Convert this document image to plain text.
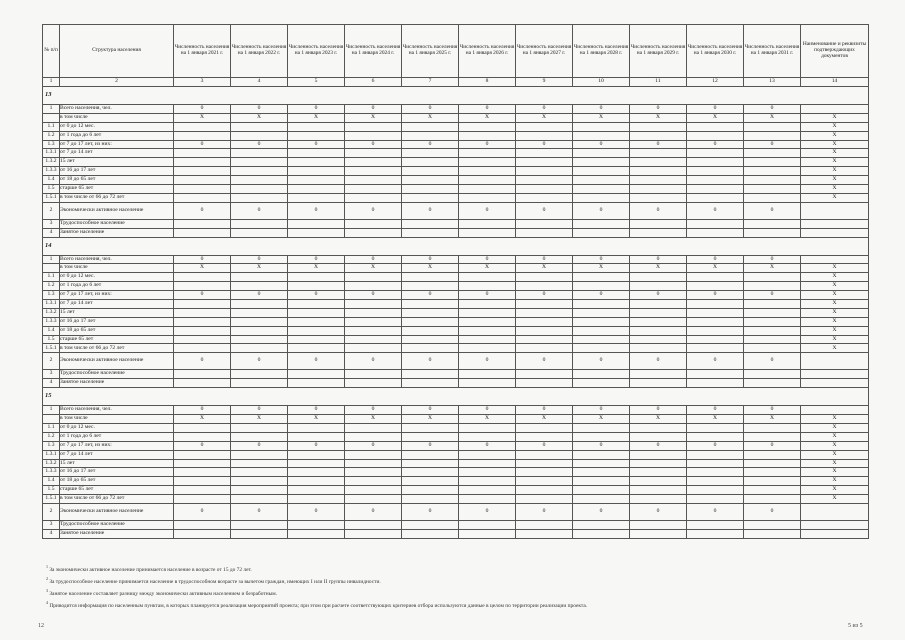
№ п/п	Структура населения	Численность населения на 1 января 2021 г.	Численность населения на 1 января 2022 г.	Численность населения на 1 января 2023 г.	Численность населения на 1 января 2024 г.	Численность населения на 1 января 2025 г.	Численность населения на 1 января 2026 г.	Численность населения на 1 января 2027 г.	Численность населения на 1 января 2028 г.	Численность населения на 1 января 2029 г.	Численность населения на 1 января 2030 г.	Численность населения на 1 января 2031 г.	Наименование и реквизиты подтверждающих документов
1	2	3	4	5	6	7	8	9	10	11	12	13	14
13													
1	Всего населения, чел.	0	0	0	0	0	0	0	0	0	0	0	
	в том числе	X	X	X	X	X	X	X	X	X	X	X	X
1.1	от 0 до 12 мес.												X
1.2	от 1 года до 6 лет												X
1.3	от 7 до 17 лет, из них:	0	0	0	0	0	0	0	0	0	0	0	X
1.3.1	от 7 до 14 лет												X
1.3.2	15 лет												X
1.3.3	от 16 до 17 лет												X
1.4	от 18 до 65 лет												X
1.5	старше 65 лет												X
1.5.1	в том числе от 66 до 72 лет												X
2	Экономически активное население	0	0	0	0	0	0	0	0	0	0	0	
3	Трудоспособное население												
4	Занятое население												
14													
1	Всего населения, чел.	0	0	0	0	0	0	0	0	0	0	0	
	в том числе	X	X	X	X	X	X	X	X	X	X	X	X
1.1	от 0 до 12 мес.												X
1.2	от 1 года до 6 лет												X
1.3	от 7 до 17 лет, из них:	0	0	0	0	0	0	0	0	0	0	0	X
1.3.1	от 7 до 14 лет												X
1.3.2	15 лет												X
1.3.3	от 16 до 17 лет												X
1.4	от 18 до 65 лет												X
1.5	старше 65 лет												X
1.5.1	в том числе от 66 до 72 лет												X
2	Экономически активное население	0	0	0	0	0	0	0	0	0	0	0	
3	Трудоспособное население												
4	Занятое население												
15													
1	Всего населения, чел.	0	0	0	0	0	0	0	0	0	0	0	
	в том числе	X	X	X	X	X	X	X	X	X	X	X	X
1.1	от 0 до 12 мес.												X
1.2	от 1 года до 6 лет												X
1.3	от 7 до 17 лет, из них:	0	0	0	0	0	0	0	0	0	0	0	X
1.3.1	от 7 до 14 лет												X
1.3.2	15 лет												X
1.3.3	от 16 до 17 лет												X
1.4	от 18 до 65 лет												X
1.5	старше 65 лет												X
1.5.1	в том числе от 66 до 72 лет												X
2	Экономически активное население	0	0	0	0	0	0	0	0	0	0	0	
3	Трудоспособное население												
4	Занятое население												
$^1$ За экономически активное население принимается население в возрасте от 15 до 72 лет.
$^2$ За трудоспособное население принимается население в трудоспособном возрасте за вычетом граждан, имеющих I или II группы инвалидности.
$^3$ Занятое население составляет разницу между экономически активным населением и безработным.
$^4$ Приводится информация по населенным пунктам, в которых планируется реализация мероприятий проекта; при этом при расчете соответствующих критериев отбора используются данные в целом по территории реализации проекта.
12	5 из 5
